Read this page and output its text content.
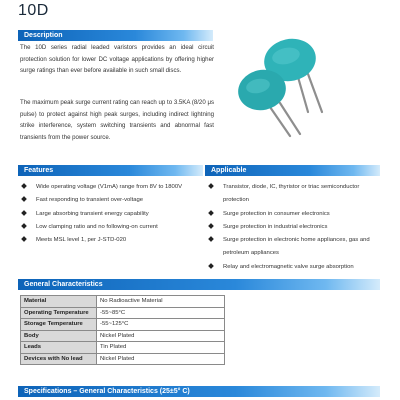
10D
Description

The 10D series radial leaded varistors provides an ideal circuit protection solution for lower DC voltage applications by offering higher surge ratings than ever before available in such small discs.

The maximum peak surge current rating can reach up to 3.5KA (8/20 μs pulse) to protect against high peak surges, including indirect lightning strike interference, system switching transients and abnormal fast transients from the power source.

Features
Wide operating voltage (V1mA) range from 8V to 1800V
Fast responding to transient over-voltage
Large absorbing transient energy capability
Low clamping ratio and no following-on current
Meets MSL level 1, per J-STD-020
Applicable
Transistor, diode, IC, thyristor or triac semiconductor protection
Surge protection in consumer electronics
Surge protection in industrial electronics
Surge protection in electronic home appliances, gas and petroleum appliances
Relay and electromagnetic valve surge absorption
General Characteristics
Material	No Radioactive Material
Operating Temperature	-55~85°C
Storage Temperature	-55~125°C
Body	Nickel Plated
Leads	Tin Plated
Devices with No lead	Nickel Plated
Specifications – General Characteristics (25±5° C)
